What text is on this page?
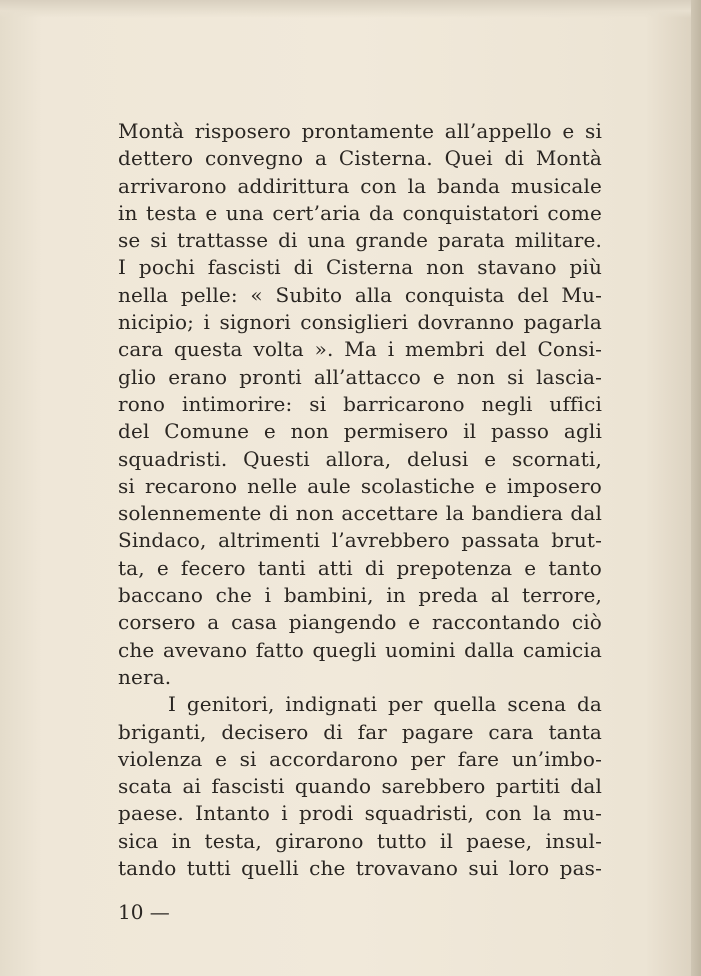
Montà risposero prontamente all’appello e si
dettero convegno a Cisterna. Quei di Montà
arrivarono addirittura con la banda musicale
in testa e una cert’aria da conquistatori come
se si trattasse di una grande parata militare.
I pochi fascisti di Cisterna non stavano più
nella pelle: « Subito alla conquista del Mu-
nicipio; i signori consiglieri dovranno pagarla
cara questa volta ». Ma i membri del Consi-
glio erano pronti all’attacco e non si lascia-
rono intimorire: si barricarono negli uffici
del Comune e non permisero il passo agli
squadristi. Questi allora, delusi e scornati,
si recarono nelle aule scolastiche e imposero
solennemente di non accettare la bandiera dal
Sindaco, altrimenti l’avrebbero passata brut-
ta, e fecero tanti atti di prepotenza e tanto
baccano che i bambini, in preda al terrore,
corsero a casa piangendo e raccontando ciò
che avevano fatto quegli uomini dalla camicia
nera.
I genitori, indignati per quella scena da
briganti, decisero di far pagare cara tanta
violenza e si accordarono per fare un’imbo-
scata ai fascisti quando sarebbero partiti dal
paese. Intanto i prodi squadristi, con la mu-
sica in testa, girarono tutto il paese, insul-
tando tutti quelli che trovavano sui loro pas-
10 —
